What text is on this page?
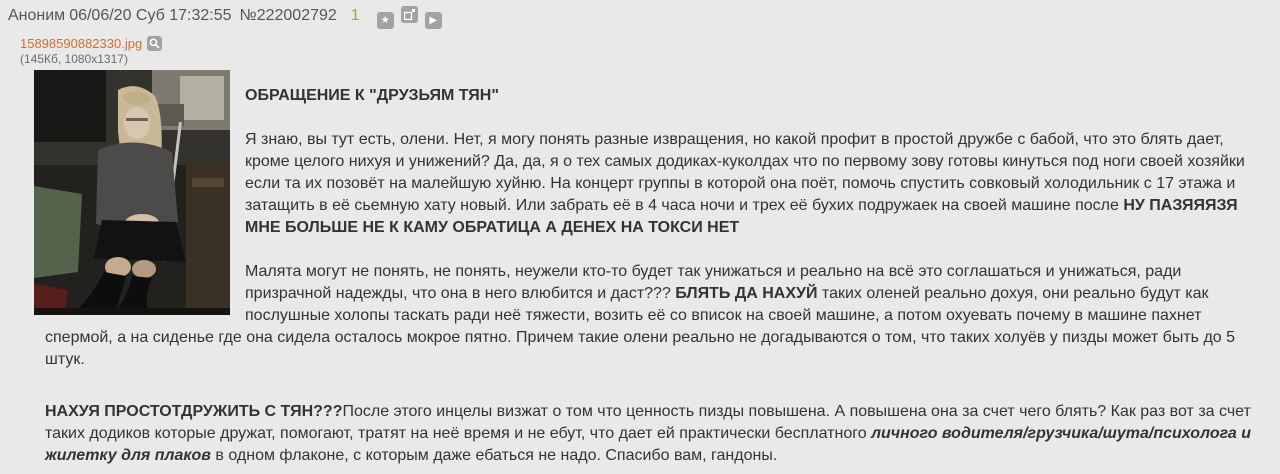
Аноним 06/06/20 Суб 17:32:55 №222002792 1 ★	▶
15898590882330.jpg
(145Кб, 1080x1317)

ОБРАЩЕНИЕ К "ДРУЗЬЯМ ТЯН"

Я знаю, вы тут есть, олени. Нет, я могу понять разные извращения, но какой профит в простой дружбе с бабой, что это блять дает, кроме целого нихуя и унижений? Да, да, я о тех самых додиках-куколдах что по первому зову готовы кинуться под ноги своей хозяйки если та их позовёт на малейшую хуйню. На концерт группы в которой она поёт, помочь спустить совковый холодильник с 17 этажа и затащить в её сьемную хату новый. Или забрать её в 4 часа ночи и трех её бухих подружаек на своей машине после НУ ПАЗЯЯЯЗЯ МНЕ БОЛЬШЕ НЕ К КАМУ ОБРАТИЦА А ДЕНЕХ НА ТОКСИ НЕТ

Малята могут не понять, не понять, неужели кто-то будет так унижаться и реально на всё это соглашаться и унижаться, ради призрачной надежды, что она в него влюбится и даст??? БЛЯТЬ ДА НАХУЙ таких оленей реально дохуя, они реально будут как послушные холопы таскать ради неё тяжести, возить её со вписок на своей машине, а потом охуевать почему в машине пахнет спермой, а на сиденье где она сидела осталось мокрое пятно. Причем такие олени реально не догадываются о том, что таких холуёв у пизды может быть до 5 штук.

НАХУЯ ПРОСТОТДРУЖИТЬ С ТЯН???После этого инцелы визжат о том что ценность пизды повышена. А повышена она за счет чего блять? Как раз вот за счет таких додиков которые дружат, помогают, тратят на неё время и не ебут, что дает ей практически бесплатного личного водителя/грузчика/шута/психолога и жилетку для плаков в одном флаконе, с которым даже ебаться не надо. Спасибо вам, гандоны.
